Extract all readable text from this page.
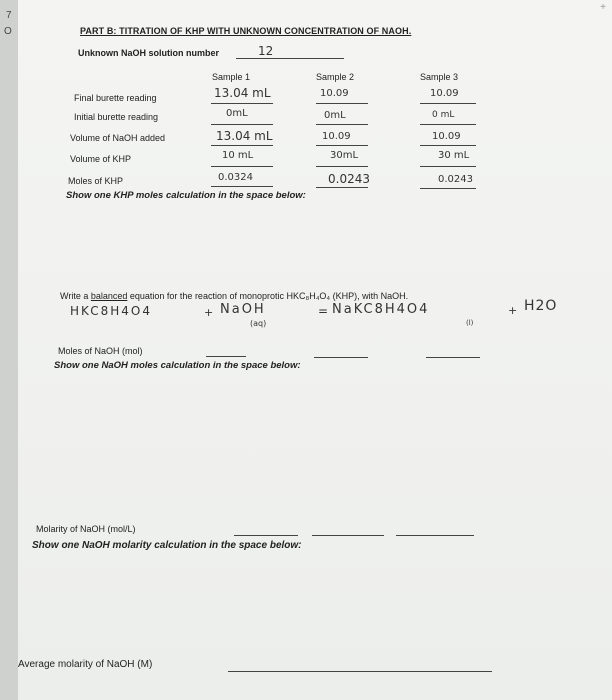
7
O
+
PART B: TITRATION OF KHP WITH UNKNOWN CONCENTRATION OF NAOH.
Unknown NaOH solution number	12
Sample 1	Sample 2	Sample 3
Final burette reading	13.04 mL	10.09	10.09
Initial burette reading	0mL	0mL	0 mL
Volume of NaOH added	13.04 mL	10.09	10.09
Volume of KHP	10 mL	30mL	30 mL
Moles of KHP	0.0324	0.0243	0.0243
Show one KHP moles calculation in the space below:
Write a balanced equation for the reaction of monoprotic HKC₈H₄O₄ (KHP), with NaOH.
HKC8H4O4	+ NaOH
(aq)
= NaKC8H4O4	+ H2O
(l)
Moles of NaOH (mol)
Show one NaOH moles calculation in the space below:
Molarity of NaOH (mol/L)
Show one NaOH molarity calculation in the space below:
Average molarity of NaOH (M)
